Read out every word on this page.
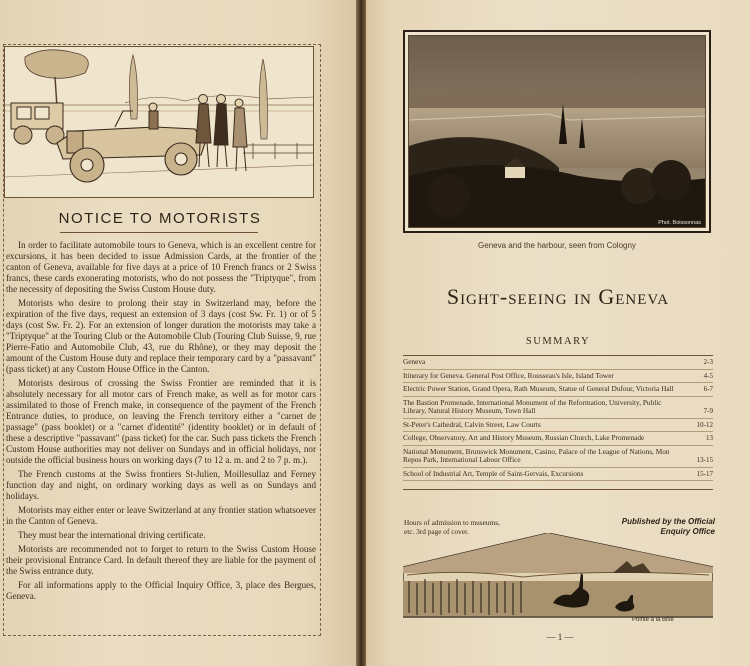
NOTICE TO MOTORISTS

In order to facilitate automobile tours to Geneva, which is an excellent centre for excursions, it has been decided to issue Admission Cards, at the frontier of the canton of Geneva, available for five days at a price of 10 French francs or 2 Swiss francs, these cards exonerating motorists, who do not possess the "Triptyque", from the necessity of depositing the Swiss Custom House duty.

Motorists who desire to prolong their stay in Switzerland may, before the expiration of the five days, request an extension of 3 days (cost Sw. Fr. 1) or of 5 days (cost Sw. Fr. 2). For an extension of longer duration the motorists may take a "Triptyque" at the Touring Club or the Automobile Club (Touring Club Suisse, 9, rue Pierre-Fatio and Automobile Club, 43, rue du Rhône), or they may deposit the amount of the Custom House duty and replace their temporary card by a "passavant" (pass ticket) at any Custom House Office in the Canton.

Motorists desirous of crossing the Swiss Frontier are reminded that it is absolutely necessary for all motor cars of French make, as well as for motor cars assimilated to those of French make, in consequence of the payment of the French Entrance duties, to produce, on leaving the French territory either a "carnet de passage" (pass booklet) or a "carnet d'identité" (identity booklet) or in default of these a descriptive "passavant" (pass ticket) for the car. Such pass tickets the French Custom House authorities may not deliver on Sundays and in official holidays, nor outside the official business hours on working days (7 to 12 a. m. and 2 to 7 p. m.).

The French customs at the Swiss frontiers St-Julien, Moillesullaz and Ferney function day and night, on ordinary working days as well as on Sundays and holidays.

Motorists may either enter or leave Switzerland at any frontier station whatsoever in the Canton of Geneva.

They must bear the international driving certificate.

Motorists are recommended not to forget to return to the Swiss Custom House their provisional Entrance Card. In default thereof they are liable for the payment of the Swiss entrance duty.

For all informations apply to the Official Inquiry Office, 3, place des Bergues, Geneva.

Phot. Boissonnas
Geneva and the harbour, seen from Cologny
Sight-seeing in Geneva
SUMMARY
Geneva	2-3
Itinerary for Geneva. General Post Office, Rousseau's Isle, Island Tower	4-5
Electric Power Station, Grand Opera, Rath Museum, Statue of General Dufour, Victoria Hall	6-7
The Bastion Promenade, International Monument of the Reformation, University, Public Library, Natural History Museum, Town Hall	7-9
St-Peter's Cathedral, Calvin Street, Law Courts	10-12
College, Observatory, Art and History Museum, Russian Church, Lake Promenade	13
National Monument, Brunswick Monument, Casino, Palace of the League of Nations, Mon Repos Park, International Labour Office	13-15
School of Industrial Art, Temple of Saint-Gervais, Excursions	15-17
Hours of admission to museums, etc. 3rd page of cover.
Published by the Official Enquiry Office
Pointe à la Bise
— 1 —
